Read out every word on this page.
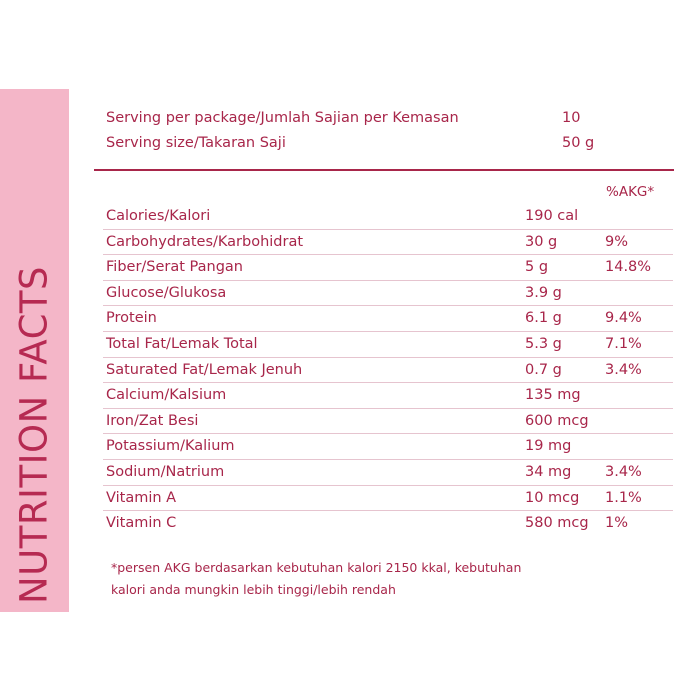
NUTRITION FACTS
Serving per package/Jumlah Sajian per Kemasan	10
Serving size/Takaran Saji	50 g
%AKG*
Calories/Kalori	190 cal
Carbohydrates/Karbohidrat	30 g	9%
Fiber/Serat Pangan	5 g	14.8%
Glucose/Glukosa	3.9 g
Protein	6.1 g	9.4%
Total Fat/Lemak Total	5.3 g	7.1%
Saturated Fat/Lemak Jenuh	0.7 g	3.4%
Calcium/Kalsium	135 mg
Iron/Zat Besi	600 mcg
Potassium/Kalium	19 mg
Sodium/Natrium	34 mg 3.4%
Vitamin A	10 mcg 1.1%
Vitamin C	580 mcg 1%
*persen AKG berdasarkan kebutuhan kalori 2150 kkal, kebutuhan
kalori anda mungkin lebih tinggi/lebih rendah
